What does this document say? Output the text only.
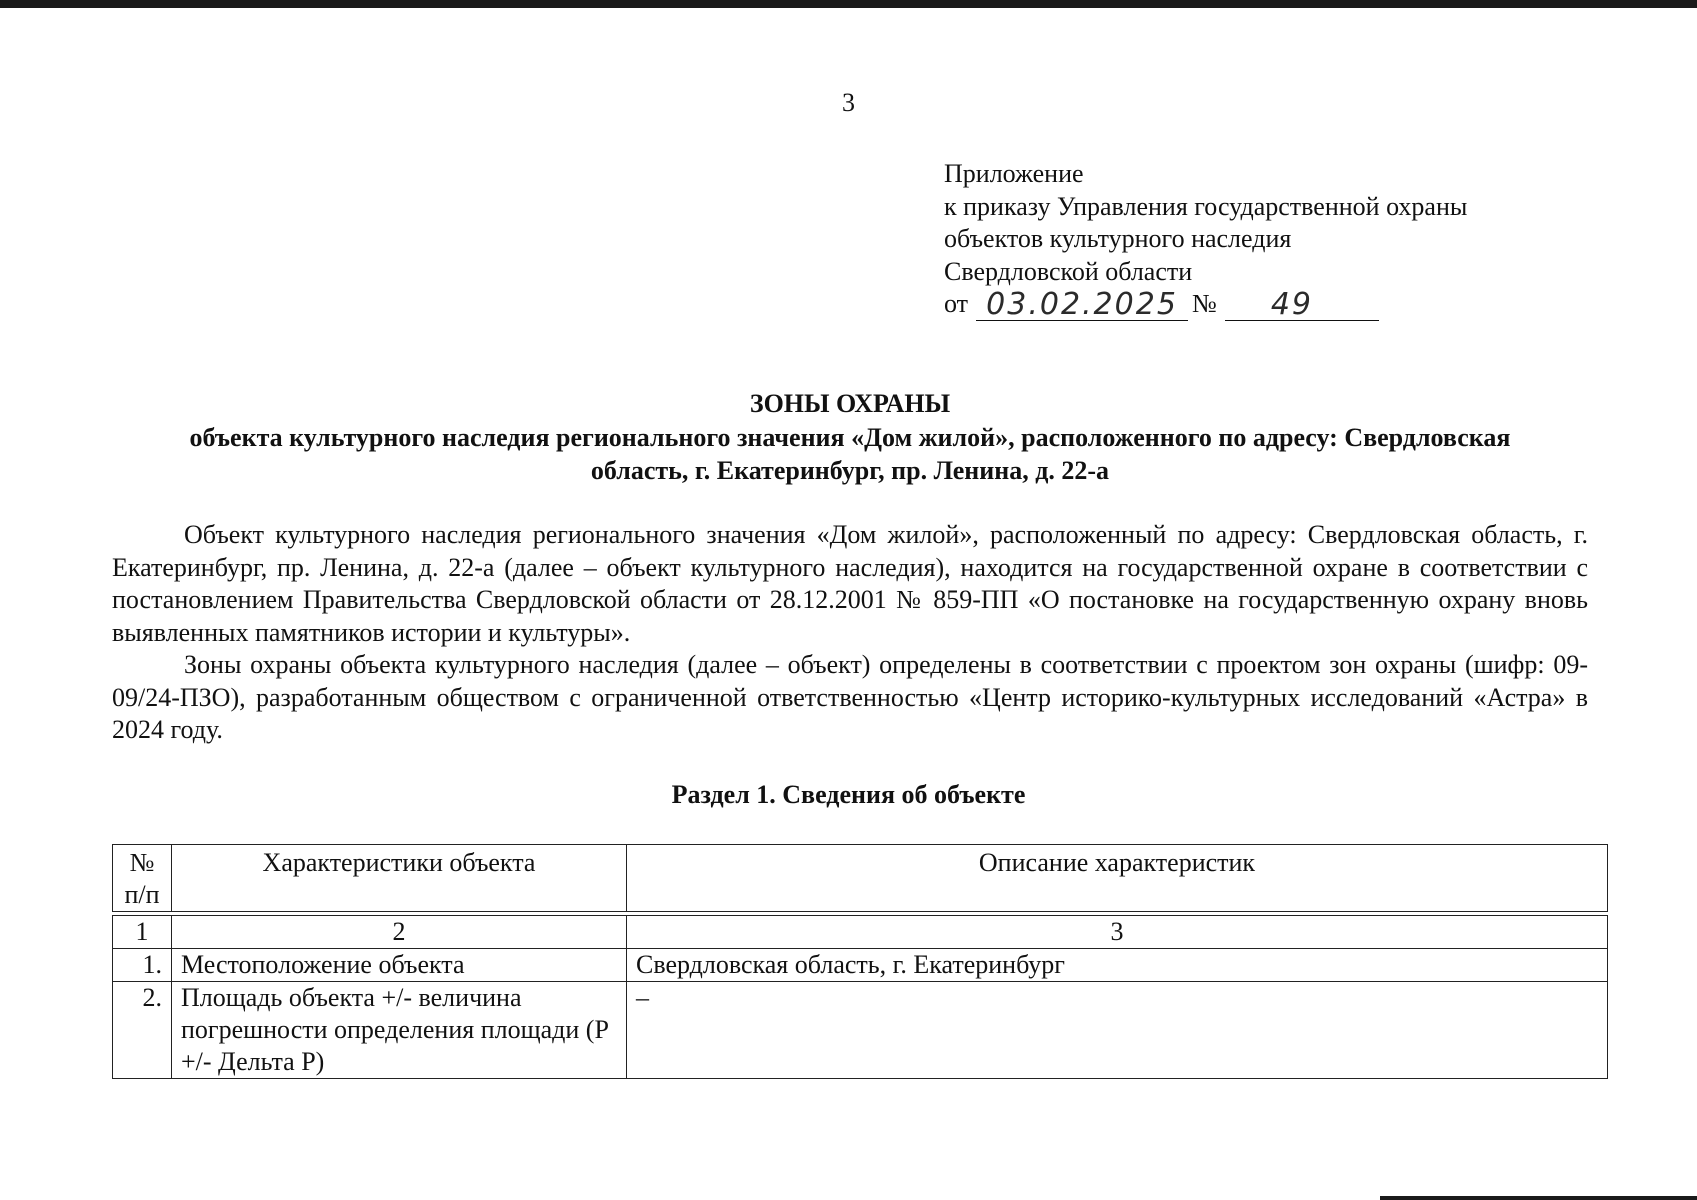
3
Приложение
к приказу Управления государственной охраны
объектов культурного наследия
Свердловской области
от 03.02.2025 №	49
ЗОНЫ ОХРАНЫ
объекта культурного наследия регионального значения «Дом жилой», расположенного по адресу: Свердловская
область, г. Екатеринбург, пр. Ленина, д. 22-а

Объект культурного наследия регионального значения «Дом жилой», расположенный по адресу: Свердловская область, г. Екатеринбург, пр. Ленина, д. 22-а (далее – объект культурного наследия), находится на государственной охране в соответствии с постановлением Правительства Свердловской области от 28.12.2001 № 859-ПП «О постановке на государственную охрану вновь выявленных памятников истории и культуры».

Зоны охраны объекта культурного наследия (далее – объект) определены в соответствии с проектом зон охраны (шифр: 09-09/24-ПЗО), разработанным обществом с ограниченной ответственностью «Центр историко-культурных исследований «Астра» в 2024 году.

Раздел 1. Сведения об объекте
№
п/п	Характеристики объекта	Описание характеристик

1	2	3
1.	Местоположение объекта	Свердловская область, г. Екатеринбург
2.	Площадь объекта +/- величина погрешности определения площади (Р +/- Дельта Р)	–
